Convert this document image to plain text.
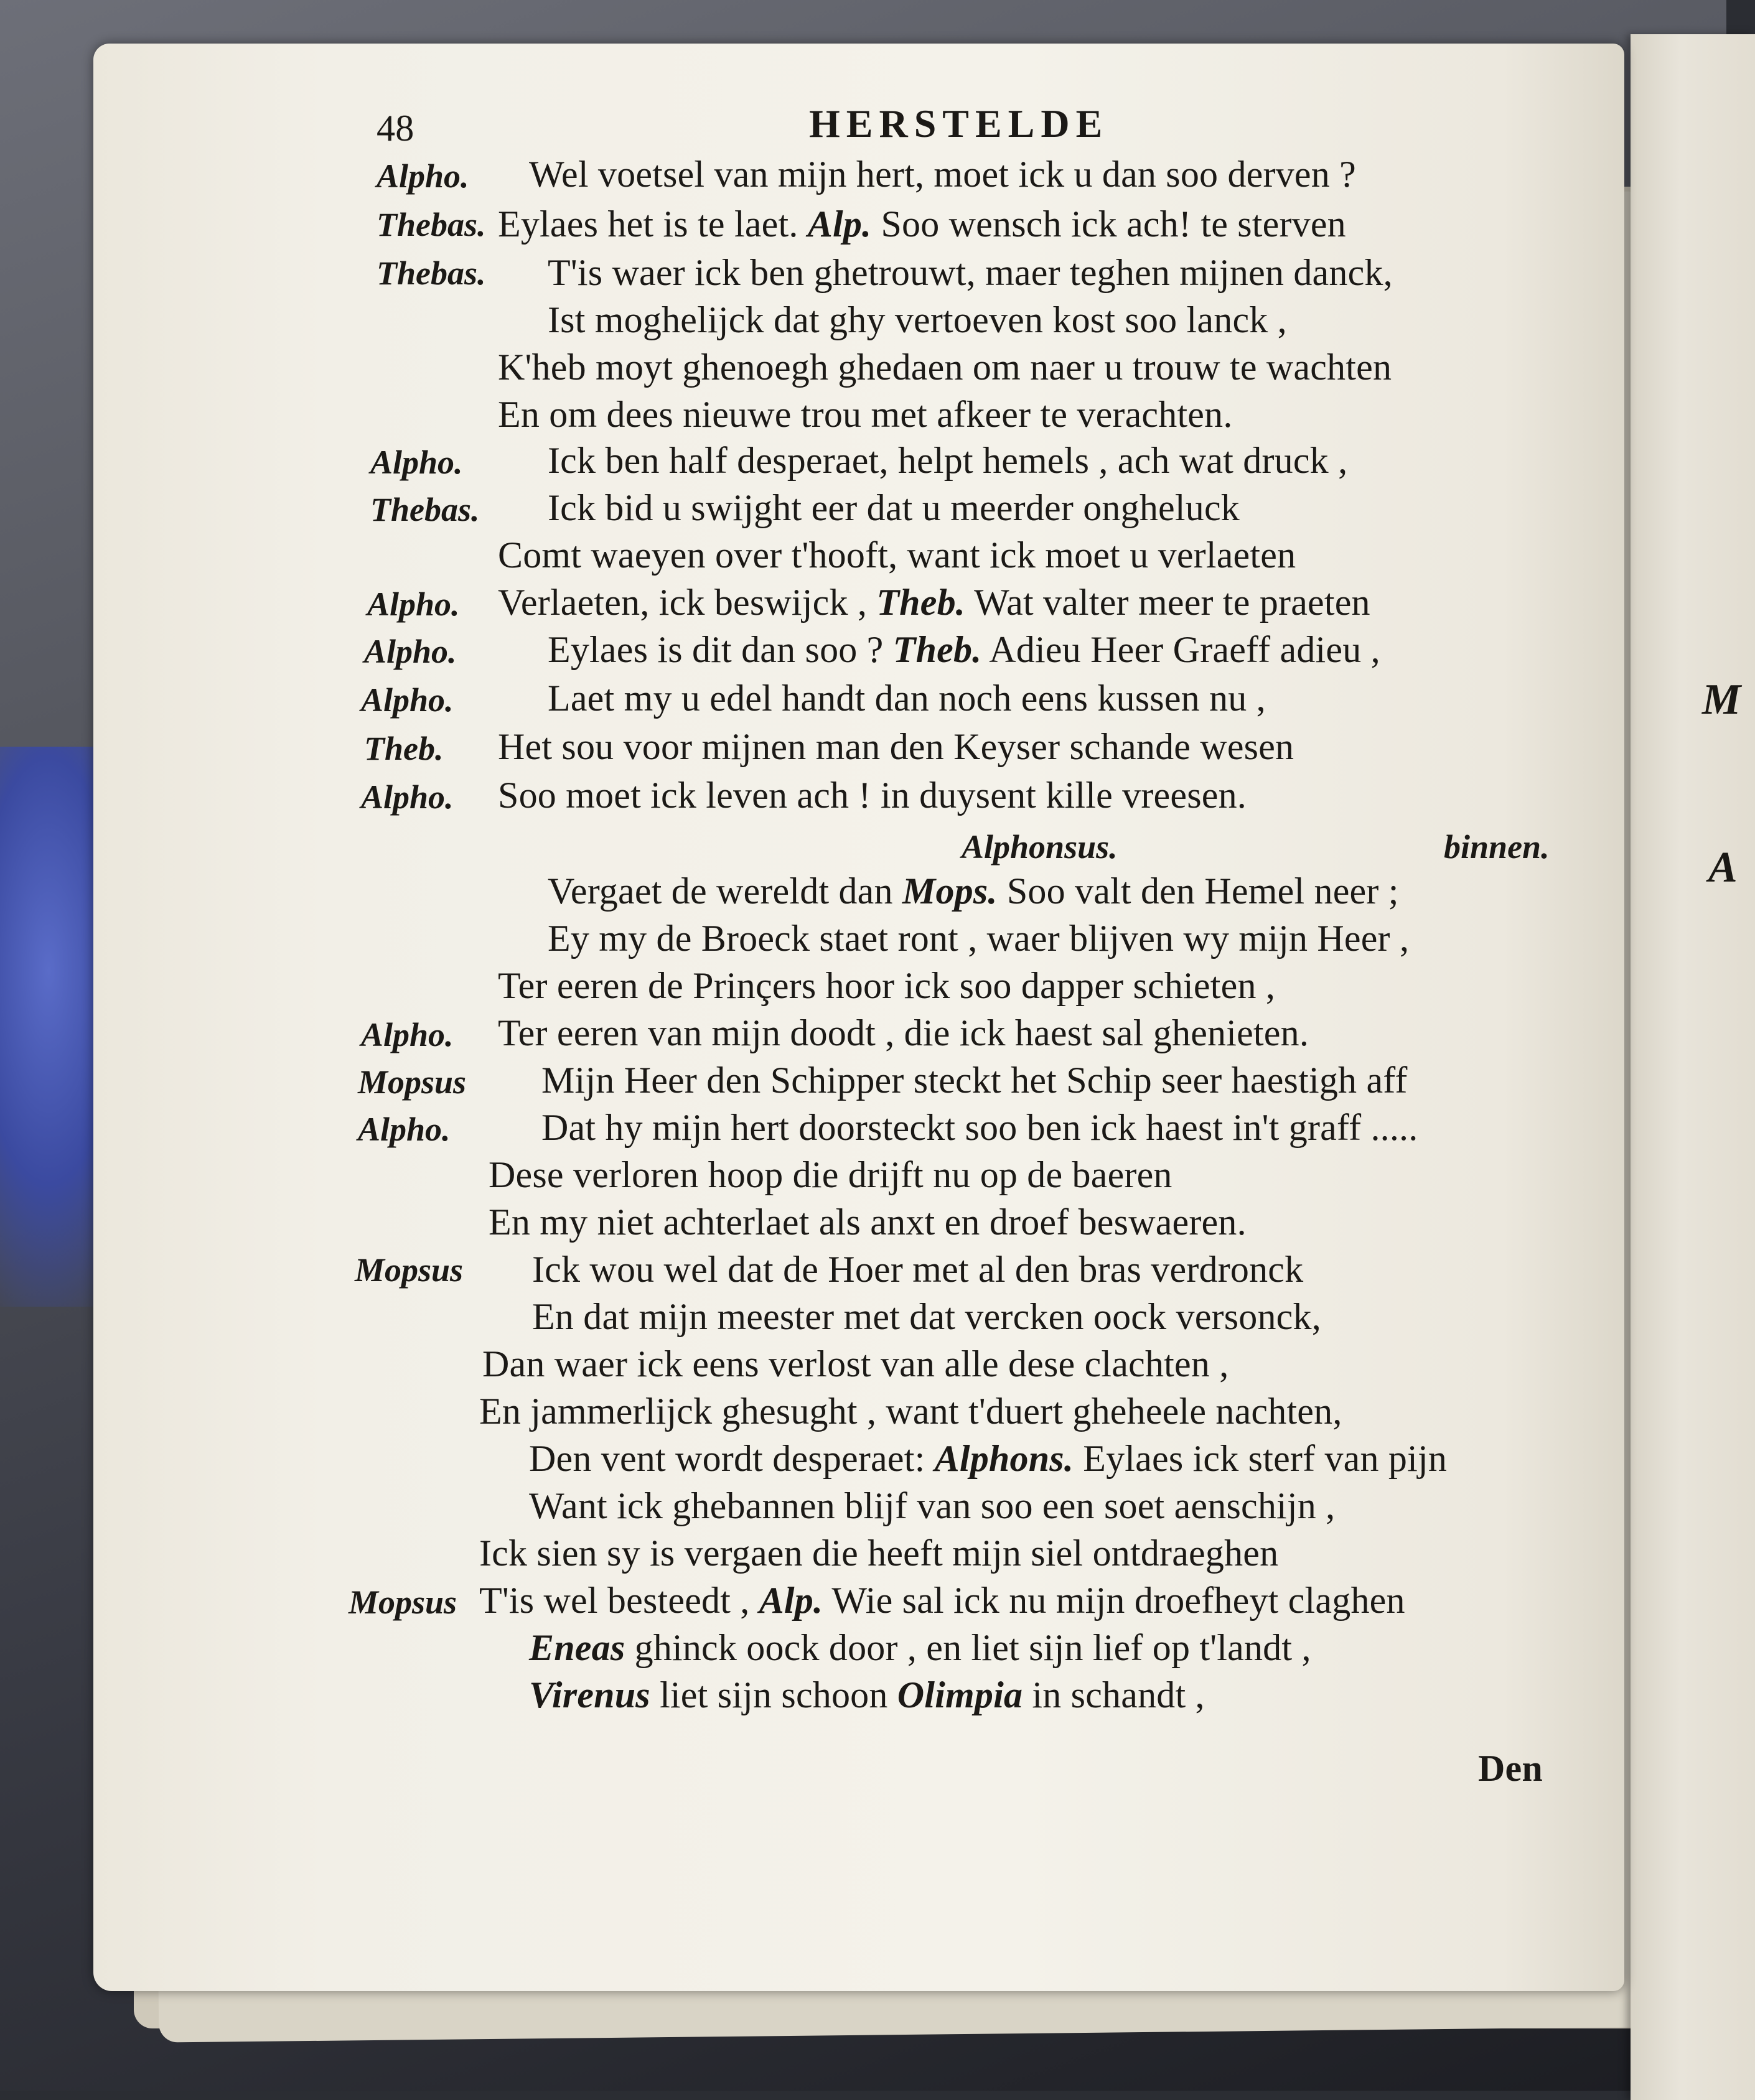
M
A
48	HERSTELDE
Alpho. Wel voetsel van mijn hert, moet ick u dan soo derven ?
Thebas. Eylaes het is te laet. Alp. Soo wensch ick ach! te sterven
Thebas. T'is waer ick ben ghetrouwt, maer teghen mijnen danck,
Ist moghelijck dat ghy vertoeven kost soo lanck ,
K'heb moyt ghenoegh ghedaen om naer u trouw te wachten
En om dees nieuwe trou met afkeer te verachten.
Alpho. Ick ben half desperaet, helpt hemels , ach wat druck ,
Thebas. Ick bid u swijght eer dat u meerder ongheluck
Comt waeyen over t'hooft, want ick moet u verlaeten
Alpho. Verlaeten, ick beswijck , Theb. Wat valter meer te praeten
Alpho. Eylaes is dit dan soo ? Theb. Adieu Heer Graeff adieu ,
Alpho.	Laet my u edel handt dan noch eens kussen nu ,
Theb. Het sou voor mijnen man den Keyser schande wesen
Alpho. Soo moet ick leven ach ! in duysent kille vreesen.
Alphonsus.	binnen.
Vergaet de wereldt dan Mops. Soo valt den Hemel neer ;
Ey my de Broeck staet ront , waer blijven wy mijn Heer ,
Ter eeren de Prinçers hoor ick soo dapper schieten ,
Alpho. Ter eeren van mijn doodt , die ick haest sal ghenieten.
Mopsus Mijn Heer den Schipper steckt het Schip seer haestigh aff
Alpho. Dat hy mijn hert doorsteckt soo ben ick haest in't graff .....
Dese verloren hoop die drijft nu op de baeren
En my niet achterlaet als anxt en droef beswaeren.
Mopsus Ick wou wel dat de Hoer met al den bras verdronck
En dat mijn meester met dat vercken oock versonck,
Dan waer ick eens verlost van alle dese clachten ,
En jammerlijck ghesught , want t'duert gheheele nachten,
Den vent wordt desperaet: Alphons. Eylaes ick sterf van pijn
Want ick ghebannen blijf van soo een soet aenschijn ,
Ick sien sy is vergaen die heeft mijn siel ontdraeghen
Mopsus T'is wel besteedt , Alp. Wie sal ick nu mijn droefheyt claghen
Eneas ghinck oock door , en liet sijn lief op t'landt ,
Virenus liet sijn schoon Olimpia in schandt ,
Den
